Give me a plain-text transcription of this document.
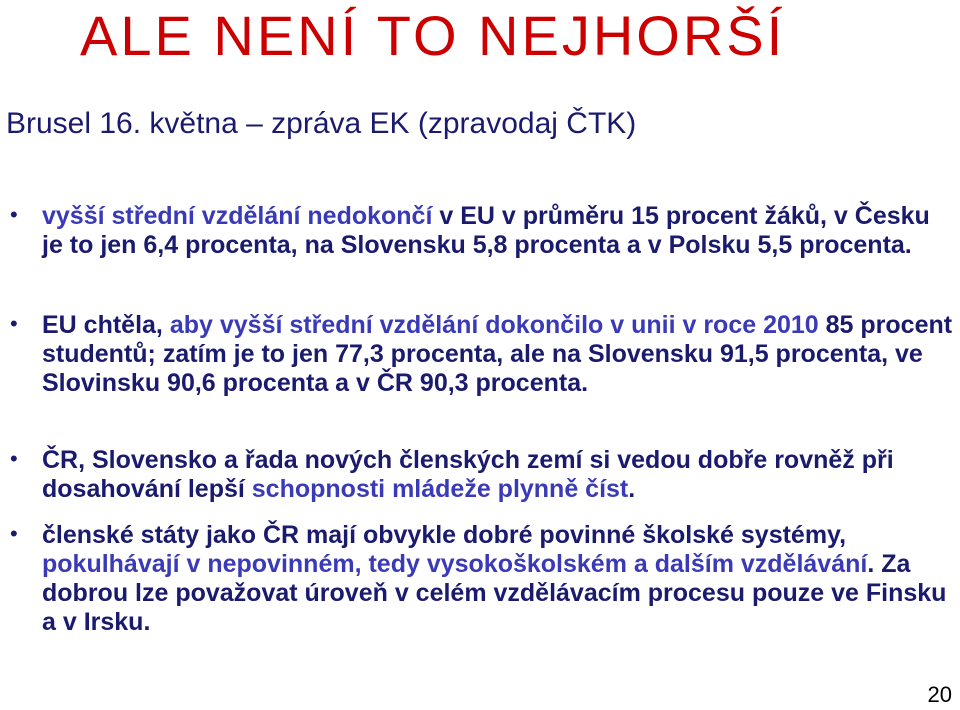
ALE NENÍ TO NEJHORŠÍ
Brusel 16. května – zpráva EK (zpravodaj ČTK)
• vyšší střední vzdělání nedokončí v EU v průměru 15 procent žáků, v Česku je to jen 6,4 procenta, na Slovensku 5,8 procenta a v Polsku 5,5 procenta.
• EU chtěla, aby vyšší střední vzdělání dokončilo v unii v roce 2010 85 procent studentů; zatím je to jen 77,3 procenta, ale na Slovensku 91,5 procenta, ve Slovinsku 90,6 procenta a v ČR 90,3 procenta.
• ČR, Slovensko a řada nových členských zemí si vedou dobře rovněž při dosahování lepší schopnosti mládeže plynně číst.
• členské státy jako ČR mají obvykle dobré povinné školské systémy, pokulhávají v nepovinném, tedy vysokoškolském a dalším vzdělávání. Za dobrou lze považovat úroveň v celém vzdělávacím procesu pouze ve Finsku a v Irsku.
20
